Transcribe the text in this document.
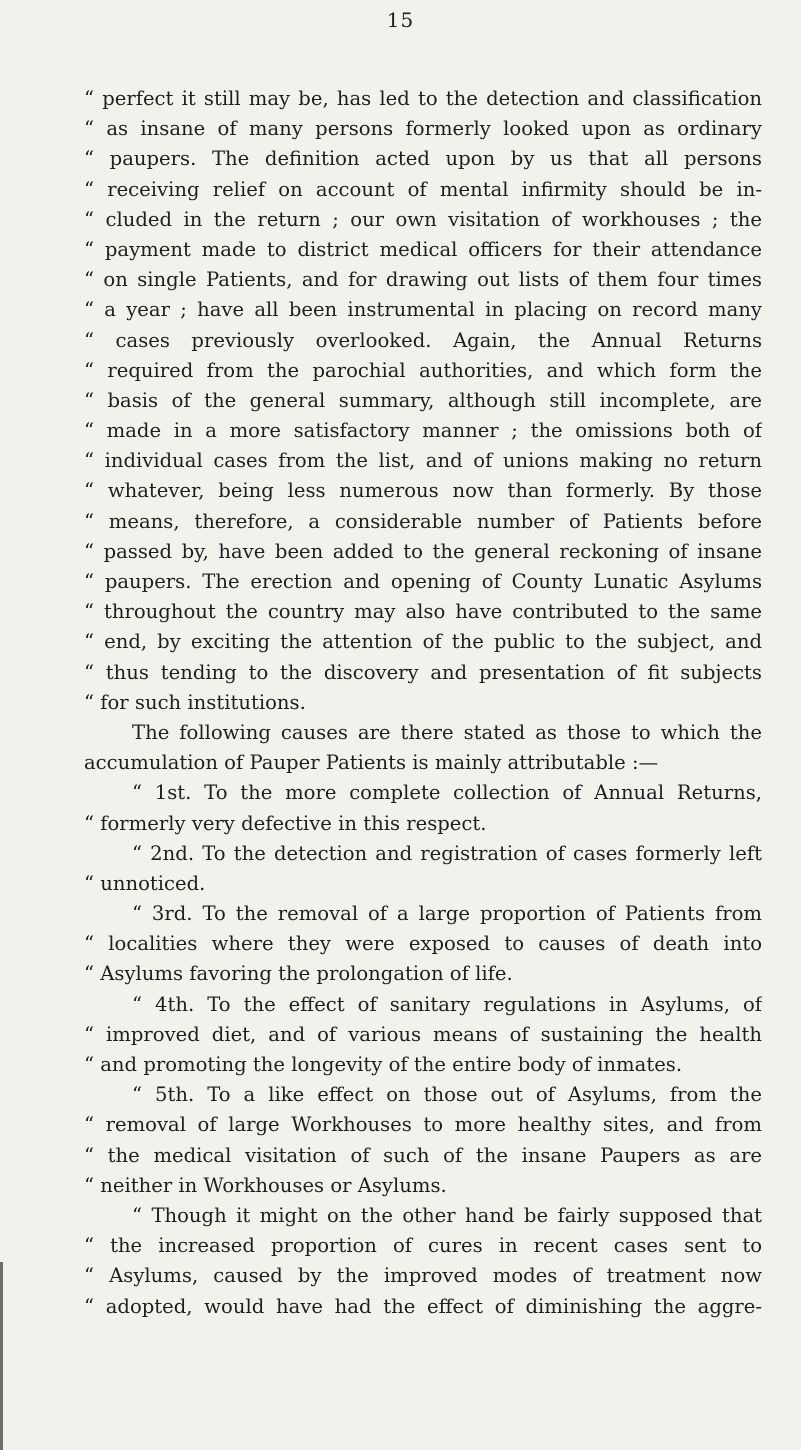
15
“ perfect it still may be, has led to the detection and classification
“ as insane of many persons formerly looked upon as ordinary
“ paupers. The definition acted upon by us that all persons
“ receiving relief on account of mental infirmity should be in-
“ cluded in the return ; our own visitation of workhouses ; the
“ payment made to district medical officers for their attendance
“ on single Patients, and for drawing out lists of them four times
“ a year ; have all been instrumental in placing on record many
“ cases previously overlooked. Again, the Annual Returns
“ required from the parochial authorities, and which form the
“ basis of the general summary, although still incomplete, are
“ made in a more satisfactory manner ; the omissions both of
“ individual cases from the list, and of unions making no return
“ whatever, being less numerous now than formerly. By those
“ means, therefore, a considerable number of Patients before
“ passed by, have been added to the general reckoning of insane
“ paupers. The erection and opening of County Lunatic Asylums
“ throughout the country may also have contributed to the same
“ end, by exciting the attention of the public to the subject, and
“ thus tending to the discovery and presentation of fit subjects
“ for such institutions.
The following causes are there stated as those to which the
accumulation of Pauper Patients is mainly attributable :—
“ 1st. To the more complete collection of Annual Returns,
“ formerly very defective in this respect.
“ 2nd. To the detection and registration of cases formerly left
“ unnoticed.
“ 3rd. To the removal of a large proportion of Patients from
“ localities where they were exposed to causes of death into
“ Asylums favoring the prolongation of life.
“ 4th. To the effect of sanitary regulations in Asylums, of
“ improved diet, and of various means of sustaining the health
“ and promoting the longevity of the entire body of inmates.
“ 5th. To a like effect on those out of Asylums, from the
“ removal of large Workhouses to more healthy sites, and from
“ the medical visitation of such of the insane Paupers as are
“ neither in Workhouses or Asylums.
“ Though it might on the other hand be fairly supposed that
“ the increased proportion of cures in recent cases sent to
“ Asylums, caused by the improved modes of treatment now
“ adopted, would have had the effect of diminishing the aggre-
